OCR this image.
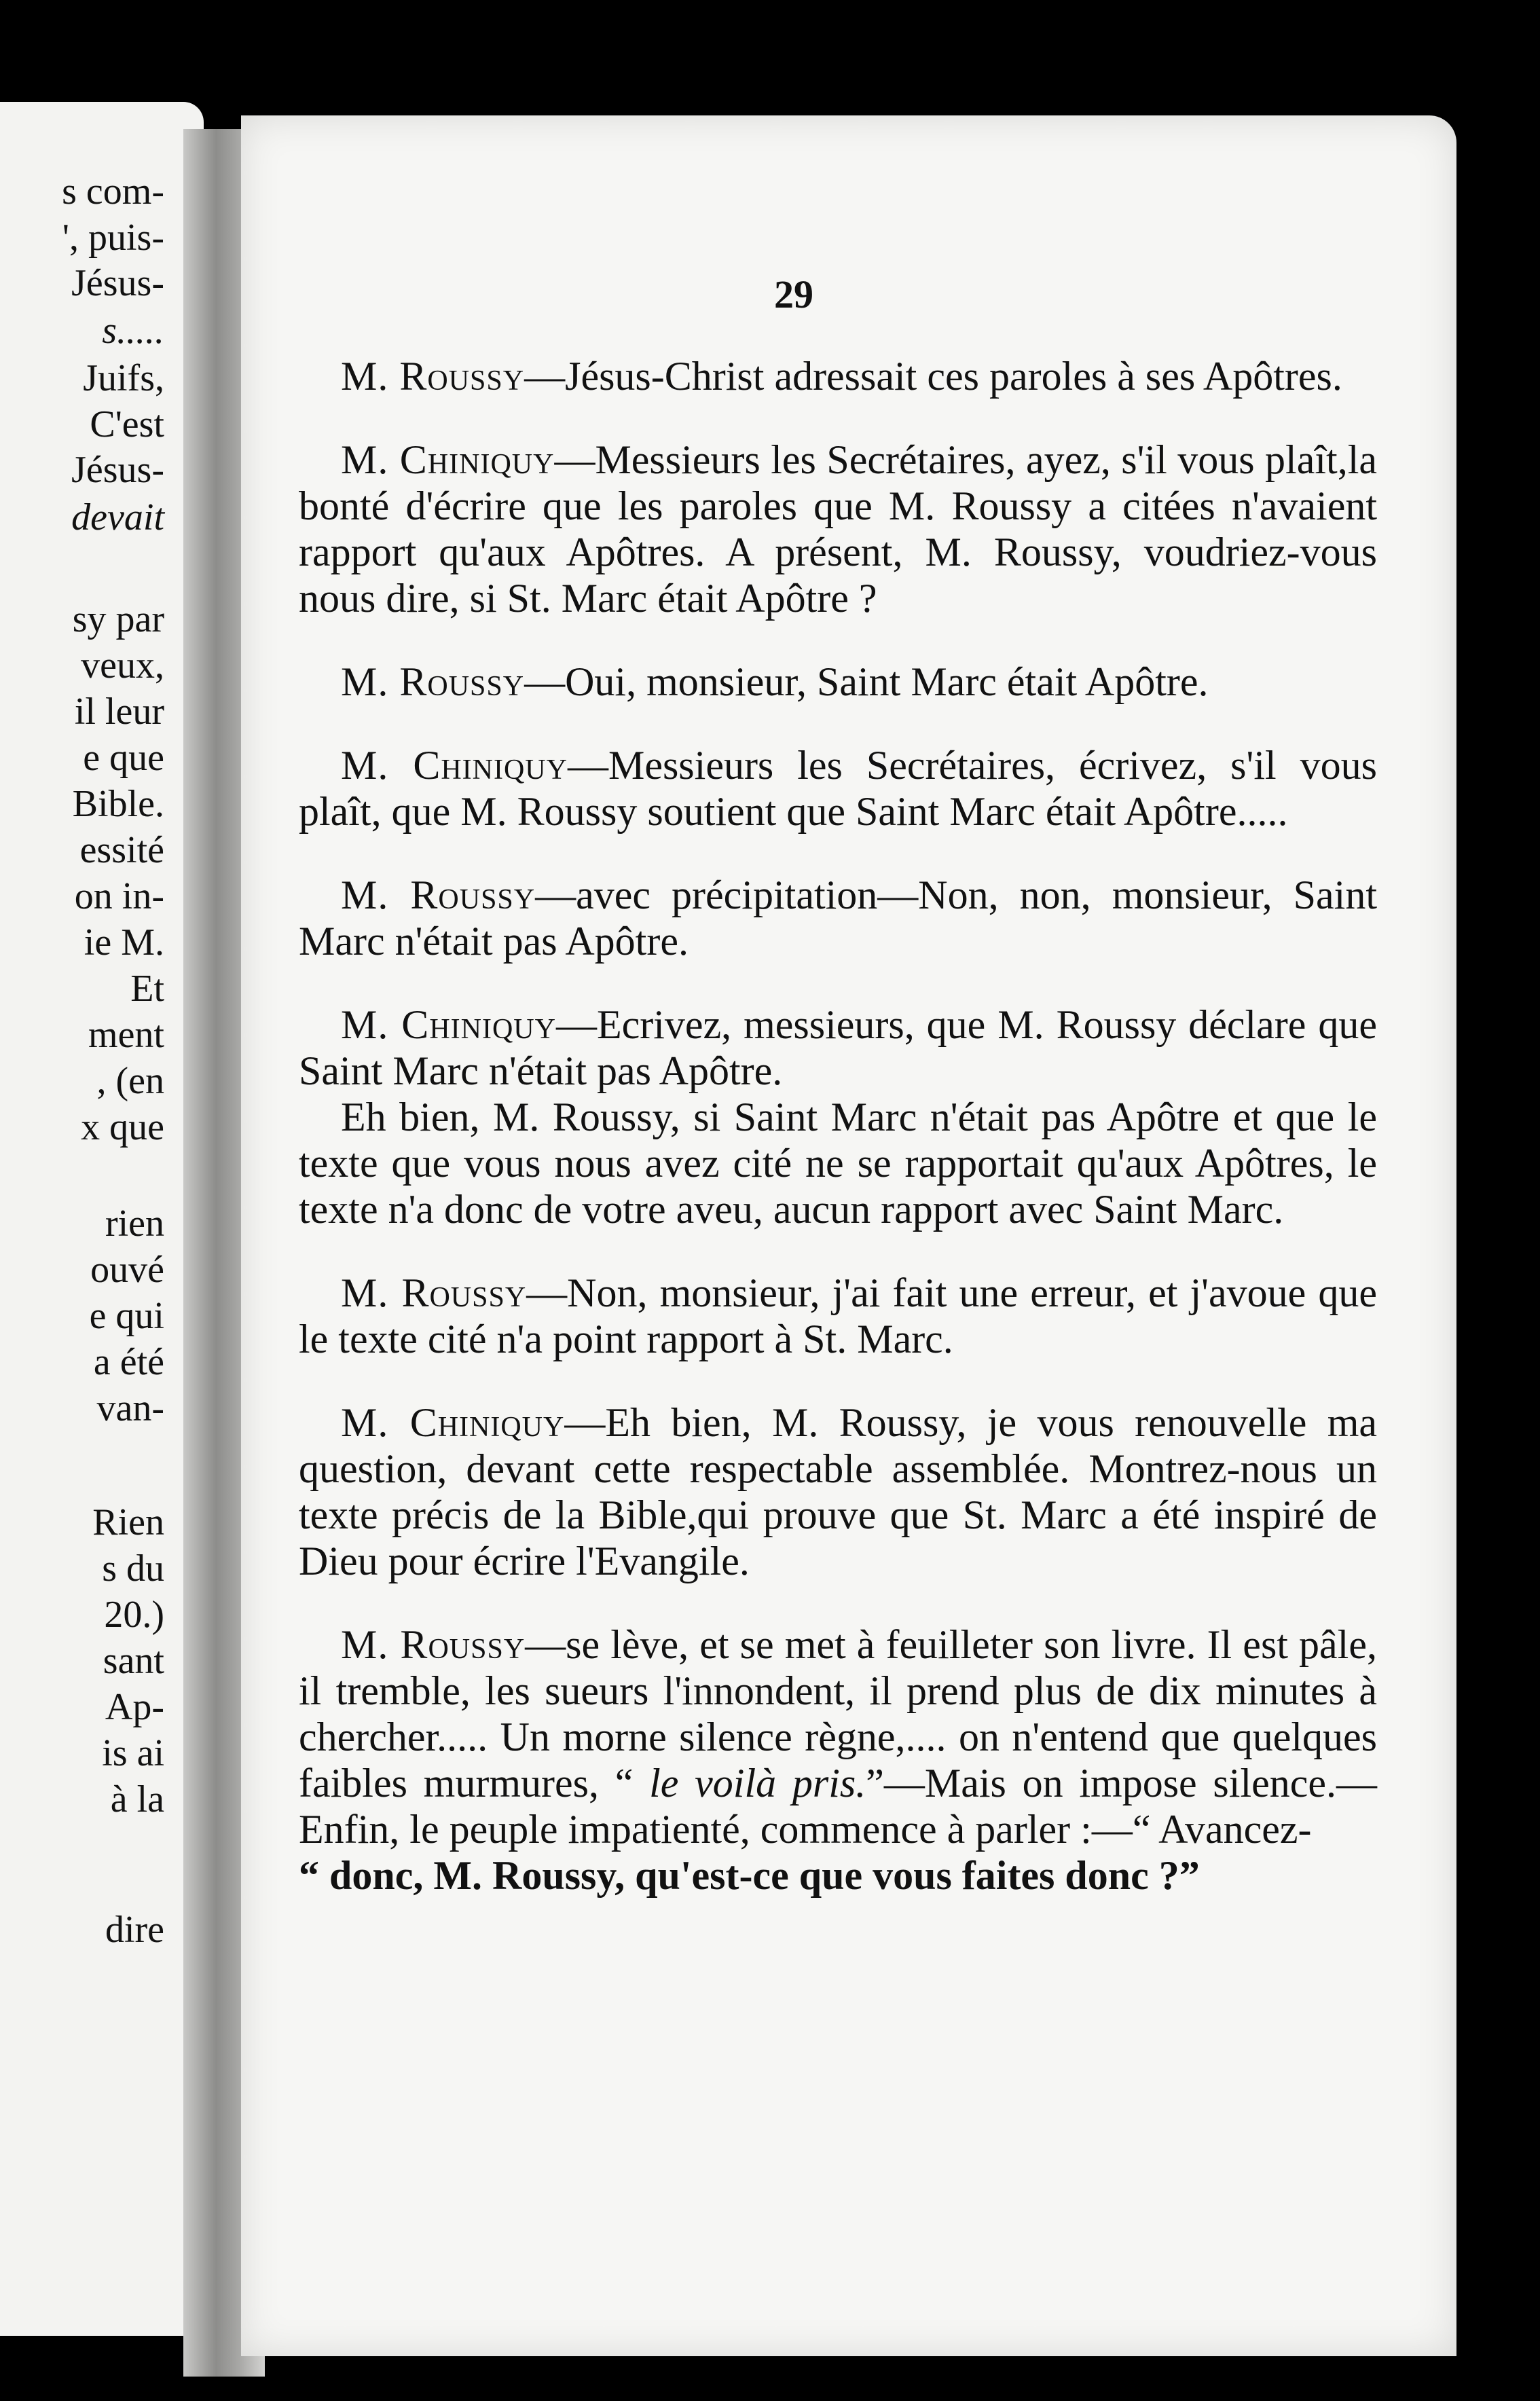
s com-
', puis-
Jésus-
s.....
Juifs,
C'est
Jésus-
devait
sy par
veux,
il leur
e que
Bible.
essité
on in-
ie M.
Et
ment
, (en
x que
rien
ouvé
e qui
a été
van-
Rien
s du
20.)
sant
Ap-
is ai
à la
dire
29

M. Roussy—Jésus-Christ adressait ces paroles à ses Apôtres.

M. Chiniquy—Messieurs les Secrétaires, ayez, s'il vous plaît,la bonté d'écrire que les paroles que M. Roussy a citées n'avaient rapport qu'aux Apôtres. A présent, M. Roussy, voudriez-vous nous dire, si St. Marc était Apôtre ?

M. Roussy—Oui, monsieur, Saint Marc était Apôtre.

M. Chiniquy—Messieurs les Secrétaires, écrivez, s'il vous plaît, que M. Roussy soutient que Saint Marc était Apôtre.....

M. Roussy—avec précipitation—Non, non, monsieur, Saint Marc n'était pas Apôtre.

M. Chiniquy—Ecrivez, messieurs, que M. Roussy déclare que Saint Marc n'était pas Apôtre.

Eh bien, M. Roussy, si Saint Marc n'était pas Apôtre et que le texte que vous nous avez cité ne se rapportait qu'aux Apôtres, le texte n'a donc de votre aveu, aucun rapport avec Saint Marc.

M. Roussy—Non, monsieur, j'ai fait une erreur, et j'avoue que le texte cité n'a point rapport à St. Marc.

M. Chiniquy—Eh bien, M. Roussy, je vous renouvelle ma question, devant cette respectable assemblée. Montrez-nous un texte précis de la Bible,qui prouve que St. Marc a été inspiré de Dieu pour écrire l'Evangile.

M. Roussy—se lève, et se met à feuilleter son livre. Il est pâle, il tremble, les sueurs l'innondent, il prend plus de dix minutes à chercher..... Un morne silence règne,.... on n'entend que quelques faibles murmures, “ le voilà pris.”—Mais on impose silence.—Enfin, le peuple impatienté, commence à parler :—“ Avancez-

“ donc, M. Roussy, qu'est-ce que vous faites donc ?”
